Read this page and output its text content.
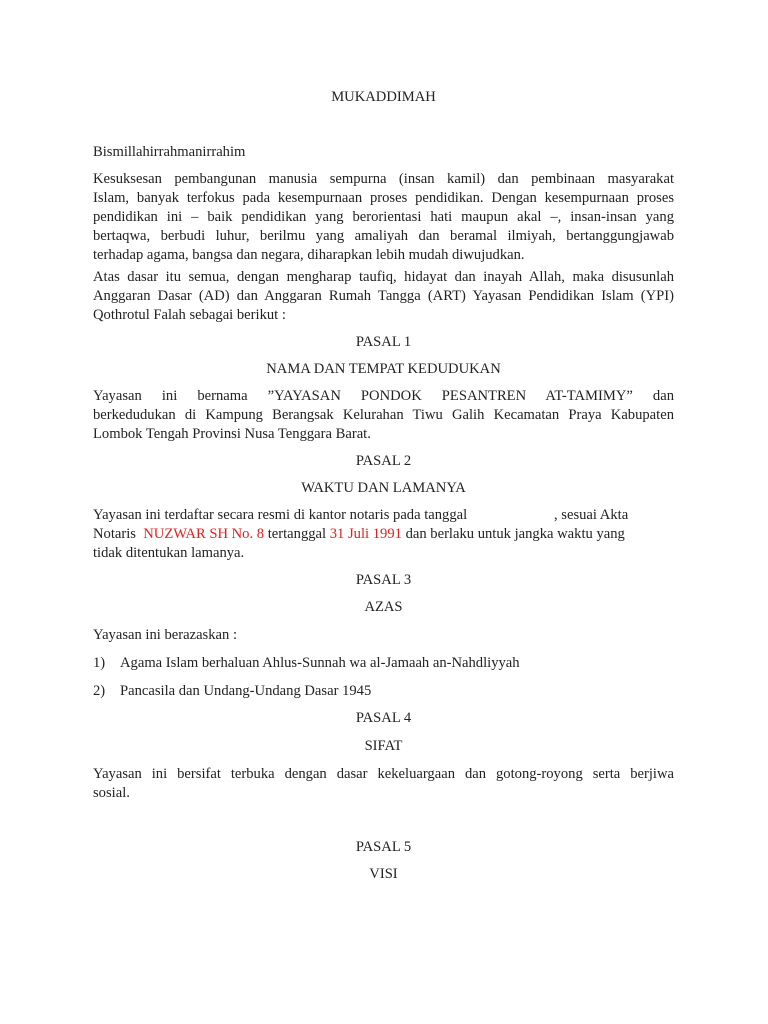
MUKADDIMAH
Bismillahirrahmanirrahim
Kesuksesan pembangunan manusia sempurna (insan kamil) dan pembinaan masyarakat
Islam, banyak terfokus pada kesempurnaan proses pendidikan. Dengan kesempurnaan proses
pendidikan ini – baik pendidikan yang berorientasi hati maupun akal –, insan-insan yang
bertaqwa, berbudi luhur, berilmu yang amaliyah dan beramal ilmiyah, bertanggungjawab
terhadap agama, bangsa dan negara, diharapkan lebih mudah diwujudkan.
Atas dasar itu semua, dengan mengharap taufiq, hidayat dan inayah Allah, maka disusunlah
Anggaran Dasar (AD) dan Anggaran Rumah Tangga (ART) Yayasan Pendidikan Islam (YPI)
Qothrotul Falah sebagai berikut :
PASAL 1
NAMA DAN TEMPAT KEDUDUKAN
Yayasan ini bernama ”YAYASAN PONDOK PESANTREN AT-TAMIMY” dan
berkedudukan di Kampung Berangsak Kelurahan Tiwu Galih Kecamatan Praya Kabupaten
Lombok Tengah Provinsi Nusa Tenggara Barat.
PASAL 2
WAKTU DAN LAMANYA
Yayasan ini terdaftar secara resmi di kantor notaris pada tanggal	, sesuai Akta
Notaris NUZWAR SH No. 8 tertanggal 31 Juli 1991 dan berlaku untuk jangka waktu yang
tidak ditentukan lamanya.
PASAL 3
AZAS
Yayasan ini berazaskan :
1) Agama Islam berhaluan Ahlus-Sunnah wa al-Jamaah an-Nahdliyyah
2) Pancasila dan Undang-Undang Dasar 1945
PASAL 4
SIFAT
Yayasan ini bersifat terbuka dengan dasar kekeluargaan dan gotong-royong serta berjiwa
sosial.
PASAL 5
VISI
